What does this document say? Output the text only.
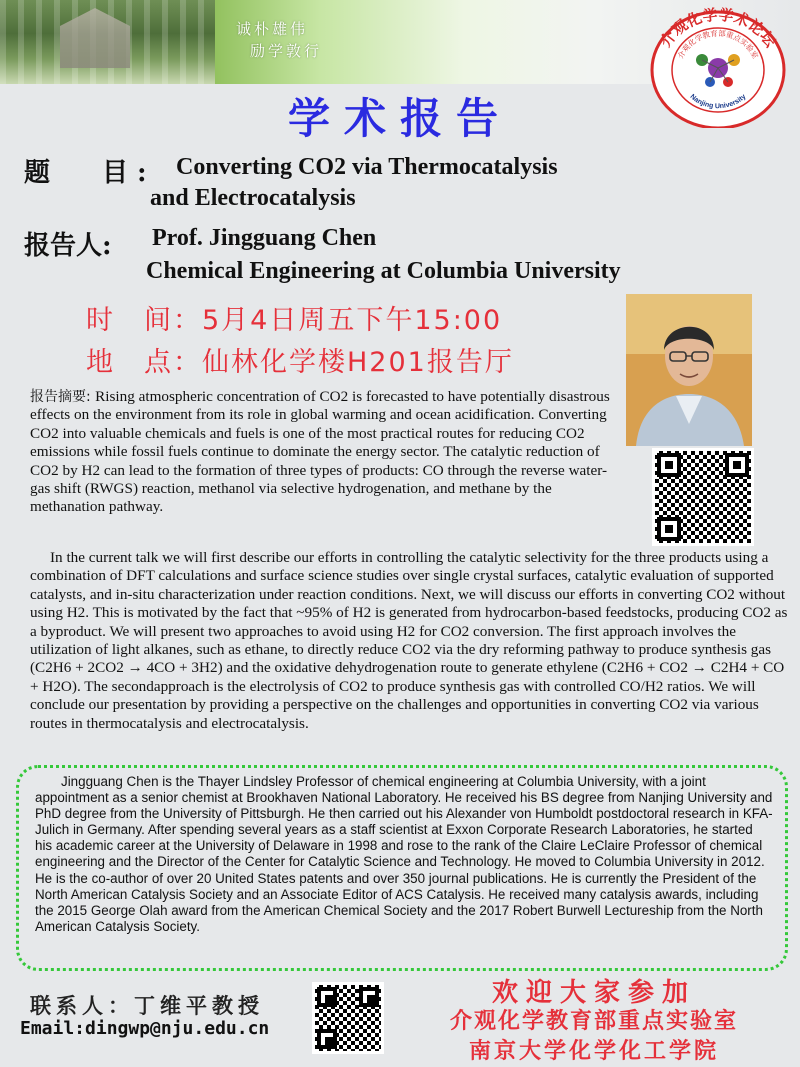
诚朴雄伟
励学敦行
介观化学学术论坛
介观化学教育部重点实验室
Nanjing University
学术报告
题　　目 : Converting CO2 via Thermocatalysis
and Electrocatalysis
报告人: Prof. Jingguang Chen
Chemical Engineering at Columbia University
时　间：5月4日周五下午15:00
地　点：仙林化学楼H201报告厅
报告摘要: Rising atmospheric concentration of CO2 is forecasted to have potentially disastrous effects on the environment from its role in global warming and ocean acidification. Converting CO2 into valuable chemicals and fuels is one of the most practical routes for reducing CO2 emissions while fossil fuels continue to dominate the energy sector. The catalytic reduction of CO2 by H2 can lead to the formation of three types of products: CO through the reverse water-gas shift (RWGS) reaction, methanol via selective hydrogenation, and methane by the methanation pathway.
In the current talk we will first describe our efforts in controlling the catalytic selectivity for the three products using a combination of DFT calculations and surface science studies over single crystal surfaces, catalytic evaluation of supported catalysts, and in-situ characterization under reaction conditions. Next, we will discuss our efforts in converting CO2 without using H2. This is motivated by the fact that ~95% of H2 is generated from hydrocarbon-based feedstocks, producing CO2 as a byproduct. We will present two approaches to avoid using H2 for CO2 conversion. The first approach involves the utilization of light alkanes, such as ethane, to directly reduce CO2 via the dry reforming pathway to produce synthesis gas (C2H6 + 2CO2 → 4CO + 3H2) and the oxidative dehydrogenation route to generate ethylene (C2H6 + CO2 → C2H4 + CO + H2O). The secondapproach is the electrolysis of CO2 to produce synthesis gas with controlled CO/H2 ratios. We will conclude our presentation by providing a perspective on the challenges and opportunities in converting CO2 via various routes in thermocatalysis and electrocatalysis.
Jingguang Chen is the Thayer Lindsley Professor of chemical engineering at Columbia University, with a joint appointment as a senior chemist at Brookhaven National Laboratory. He received his BS degree from Nanjing University and PhD degree from the University of Pittsburgh. He then carried out his Alexander von Humboldt postdoctoral research in KFA-Julich in Germany. After spending several years as a staff scientist at Exxon Corporate Research Laboratories, he started his academic career at the University of Delaware in 1998 and rose to the rank of the Claire LeClaire Professor of chemical engineering and the Director of the Center for Catalytic Science and Technology. He moved to Columbia University in 2012. He is the co-author of over 20 United States patents and over 350 journal publications. He is currently the President of the North American Catalysis Society and an Associate Editor of ACS Catalysis. He received many catalysis awards, including the 2015 George Olah award from the American Chemical Society and the 2017 Robert Burwell Lectureship from the North American Catalysis Society.
联系人：丁维平教授
Email:dingwp@nju.edu.cn
欢迎大家参加
介观化学教育部重点实验室
南京大学化学化工学院
